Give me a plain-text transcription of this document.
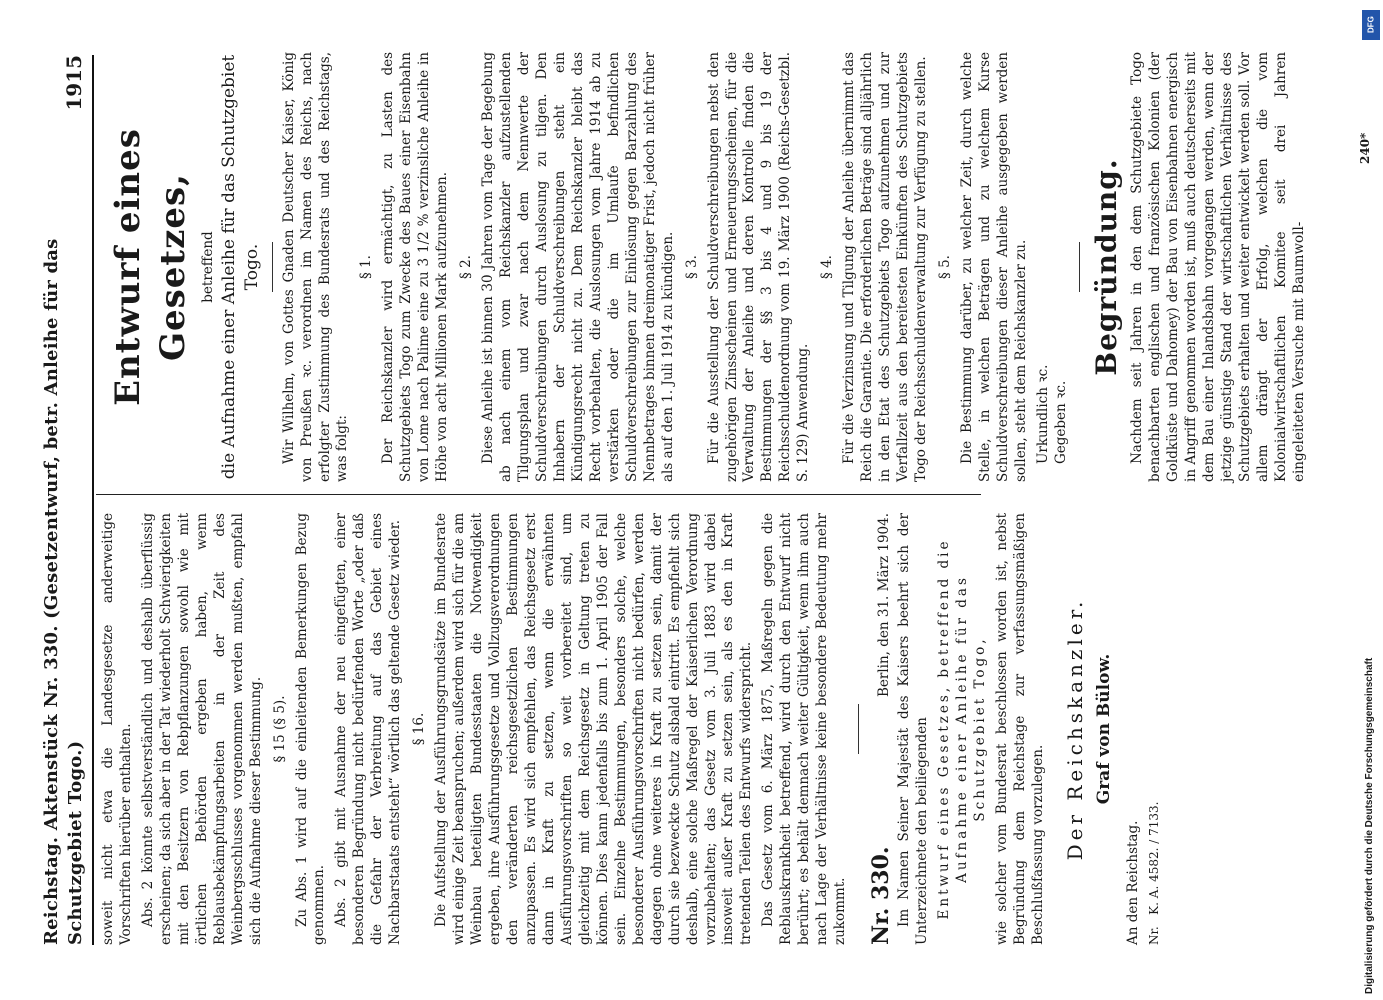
Reichstag. Aktenstück Nr. 330. (Gesetzentwurf, betr. Anleihe für das Schutzgebiet Togo.)
1915

soweit nicht etwa die Landesgesetze anderweitige Vorschriften hierüber enthalten. Abs. 2 könnte selbstverständlich und deshalb überflüssig erscheinen; da sich aber in der Tat wiederholt Schwierigkeiten mit den Besitzern von Rebpflanzungen sowohl wie mit örtlichen Behörden ergeben haben, wenn Reblausbekämpfungsarbeiten in der Zeit des Weinbergsschlusses vorgenommen werden mußten, empfahl sich die Aufnahme dieser Bestimmung. § 15 (§ 5). Zu Abs. 1 wird auf die einleitenden Bemerkungen Bezug genommen. Abs. 2 gibt mit Ausnahme der neu eingefügten, einer besonderen Begründung nicht bedürfenden Worte „oder daß die Gefahr der Verbreitung auf das Gebiet eines Nachbarstaats entsteht“ wörtlich das geltende Gesetz wieder. § 16. Die Aufstellung der Ausführungsgrundsätze im Bundesrate wird einige Zeit beanspruchen; außerdem wird sich für die am Weinbau beteiligten Bundesstaaten die Notwendigkeit ergeben, ihre Ausführungsgesetze und Vollzugsverordnungen den veränderten reichsgesetzlichen Bestimmungen anzupassen. Es wird sich empfehlen, das Reichsgesetz erst dann in Kraft zu setzen, wenn die erwähnten Ausführungsvorschriften so weit vorbereitet sind, um gleichzeitig mit dem Reichsgesetz in Geltung treten zu können. Dies kann jedenfalls bis zum 1. April 1905 der Fall sein. Einzelne Bestimmungen, besonders solche, welche besonderer Ausführungsvorschriften nicht bedürfen, werden dagegen ohne weiteres in Kraft zu setzen sein, damit der durch sie bezweckte Schutz alsbald eintritt. Es empfiehlt sich deshalb, eine solche Maßregel der Kaiserlichen Verordnung vorzubehalten; das Gesetz vom 3. Juli 1883 wird dabei insoweit außer Kraft zu setzen sein, als es den in Kraft tretenden Teilen des Entwurfs widerspricht. Das Gesetz vom 6. März 1875, Maßregeln gegen die Reblauskrankheit betreffend, wird durch den Entwurf nicht berührt; es behält demnach weiter Gültigkeit, wenn ihm auch nach Lage der Verhältnisse keine besondere Bedeutung mehr zukommt. Nr. 330.
Berlin, den 31. März 1904. Im Namen Seiner Majestät des Kaisers beehrt sich der Unterzeichnete den beiliegenden Entwurf eines Gesetzes, betreffend die Aufnahme einer Anleihe für das Schutzgebiet Togo, wie solcher vom Bundesrat beschlossen worden ist, nebst Begründung dem Reichstage zur verfassungsmäßigen Beschlußfassung vorzulegen. Der Reichskanzler. Graf von Bülow.

An den Reichstag. Nr.   K. A. 4582. / 7133.

Entwurf eines Gesetzes, betreffend die Aufnahme einer Anleihe für das Schutzgebiet Togo. Wir Wilhelm, von Gottes Gnaden Deutscher Kaiser, König von Preußen ꝛc. verordnen im Namen des Reichs, nach erfolgter Zustimmung des Bundesrats und des Reichstags, was folgt:

§ 1. Der Reichskanzler wird ermächtigt, zu Lasten des Schutzgebiets Togo zum Zwecke des Baues einer Eisenbahn von Lome nach Palime eine zu 3 1/2 % verzinsliche Anleihe in Höhe von acht Millionen Mark aufzunehmen. § 2. Diese Anleihe ist binnen 30 Jahren vom Tage der Begebung ab nach einem vom Reichskanzler aufzustellenden Tilgungsplan und zwar nach dem Nennwerte der Schuldverschreibungen durch Auslosung zu tilgen. Den Inhabern der Schuldverschreibungen steht ein Kündigungsrecht nicht zu. Dem Reichskanzler bleibt das Recht vorbehalten, die Auslosungen vom Jahre 1914 ab zu verstärken oder die im Umlaufe befindlichen Schuldverschreibungen zur Einlösung gegen Barzahlung des Nennbetrages binnen dreimonatiger Frist, jedoch nicht früher als auf den 1. Juli 1914 zu kündigen. § 3. Für die Ausstellung der Schuldverschreibungen nebst den zugehörigen Zinsscheinen und Erneuerungsscheinen, für die Verwaltung der Anleihe und deren Kontrolle finden die Bestimmungen der §§ 3 bis 4 und 9 bis 19 der Reichsschuldenordnung vom 19. März 1900 (Reichs-Gesetzbl. S. 129) Anwendung.

§ 4. Für die Verzinsung und Tilgung der Anleihe übernimmt das Reich die Garantie. Die erforderlichen Beträge sind alljährlich in den Etat des Schutzgebiets Togo aufzunehmen und zur Verfallzeit aus den bereitesten Einkünften des Schutzgebiets Togo der Reichsschuldenverwaltung zur Verfügung zu stellen. § 5. Die Bestimmung darüber, zu welcher Zeit, durch welche Stelle, in welchen Beträgen und zu welchem Kurse Schuldverschreibungen dieser Anleihe ausgegeben werden sollen, steht dem Reichskanzler zu. Urkundlich ꝛc. Gegeben ꝛc.

Begründung. Nachdem seit Jahren in den dem Schutzgebiete Togo benachbarten englischen und französischen Kolonien (der Goldküste und Dahomey) der Bau von Eisenbahnen energisch in Angriff genommen worden ist, muß auch deutscherseits mit dem Bau einer Inlandsbahn vorgegangen werden, wenn der jetzige günstige Stand der wirtschaftlichen Verhältnisse des Schutzgebiets erhalten und weiter entwickelt werden soll. Vor allem drängt der Erfolg, welchen die vom Kolonialwirtschaftlichen Komitee seit drei Jahren eingeleiteten Versuche mit Baumwoll-

240*
DFG
Digitalisierung gefördert durch die Deutsche Forschungsgemeinschaft
